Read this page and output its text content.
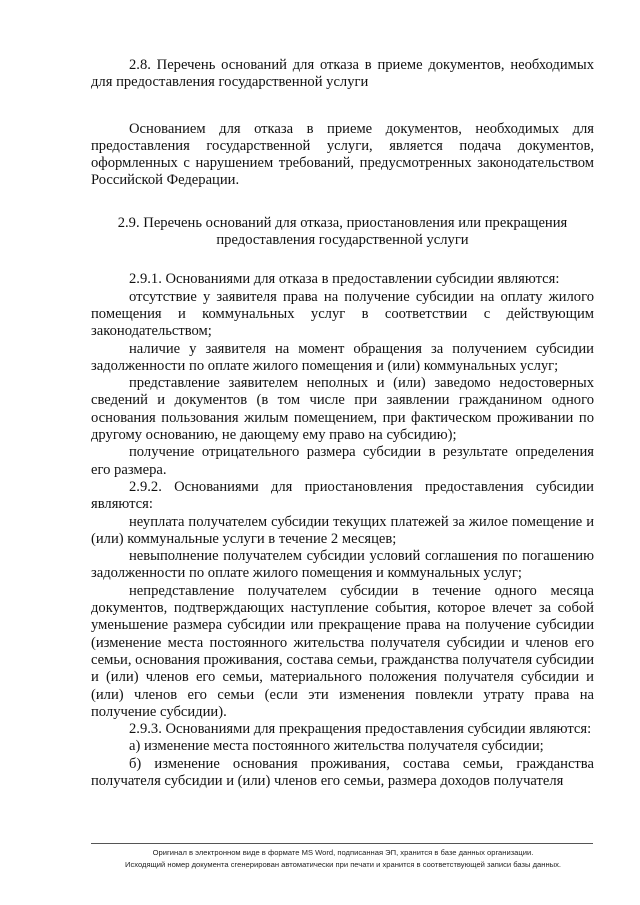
2.8. Перечень оснований для отказа в приеме документов, необходимых для предоставления государственной услуги

Основанием для отказа в приеме документов, необходимых для предоставления государственной услуги, является подача документов, оформленных с нарушением требований, предусмотренных законодательством Российской Федерации.

2.9. Перечень оснований для отказа, приостановления или прекращения предоставления государственной услуги

2.9.1. Основаниями для отказа в предоставлении субсидии являются:

отсутствие у заявителя права на получение субсидии на оплату жилого помещения и коммунальных услуг в соответствии с действующим законодательством;

наличие у заявителя на момент обращения за получением субсидии задолженности по оплате жилого помещения и (или) коммунальных услуг;

представление заявителем неполных и (или) заведомо недостоверных сведений и документов (в том числе при заявлении гражданином одного основания пользования жилым помещением, при фактическом проживании по другому основанию, не дающему ему право на субсидию);

получение отрицательного размера субсидии в результате определения его размера.

2.9.2. Основаниями для приостановления предоставления субсидии являются:

неуплата получателем субсидии текущих платежей за жилое помещение и (или) коммунальные услуги в течение 2 месяцев;

невыполнение получателем субсидии условий соглашения по погашению задолженности по оплате жилого помещения и коммунальных услуг;

непредставление получателем субсидии в течение одного месяца документов, подтверждающих наступление события, которое влечет за собой уменьшение размера субсидии или прекращение права на получение субсидии (изменение места постоянного жительства получателя субсидии и членов его семьи, основания проживания, состава семьи, гражданства получателя субсидии и (или) членов его семьи, материального положения получателя субсидии и (или) членов его семьи (если эти изменения повлекли утрату права на получение субсидии).

2.9.3. Основаниями для прекращения предоставления субсидии являются:

а) изменение места постоянного жительства получателя субсидии;

б) изменение основания проживания, состава семьи, гражданства получателя субсидии и (или) членов его семьи, размера доходов получателя

Оригинал в электронном виде в формате MS Word, подписанная ЭП, хранится в базе данных организации.
Исходящий номер документа сгенерирован автоматически при печати и хранится в соответствующей записи базы данных.
